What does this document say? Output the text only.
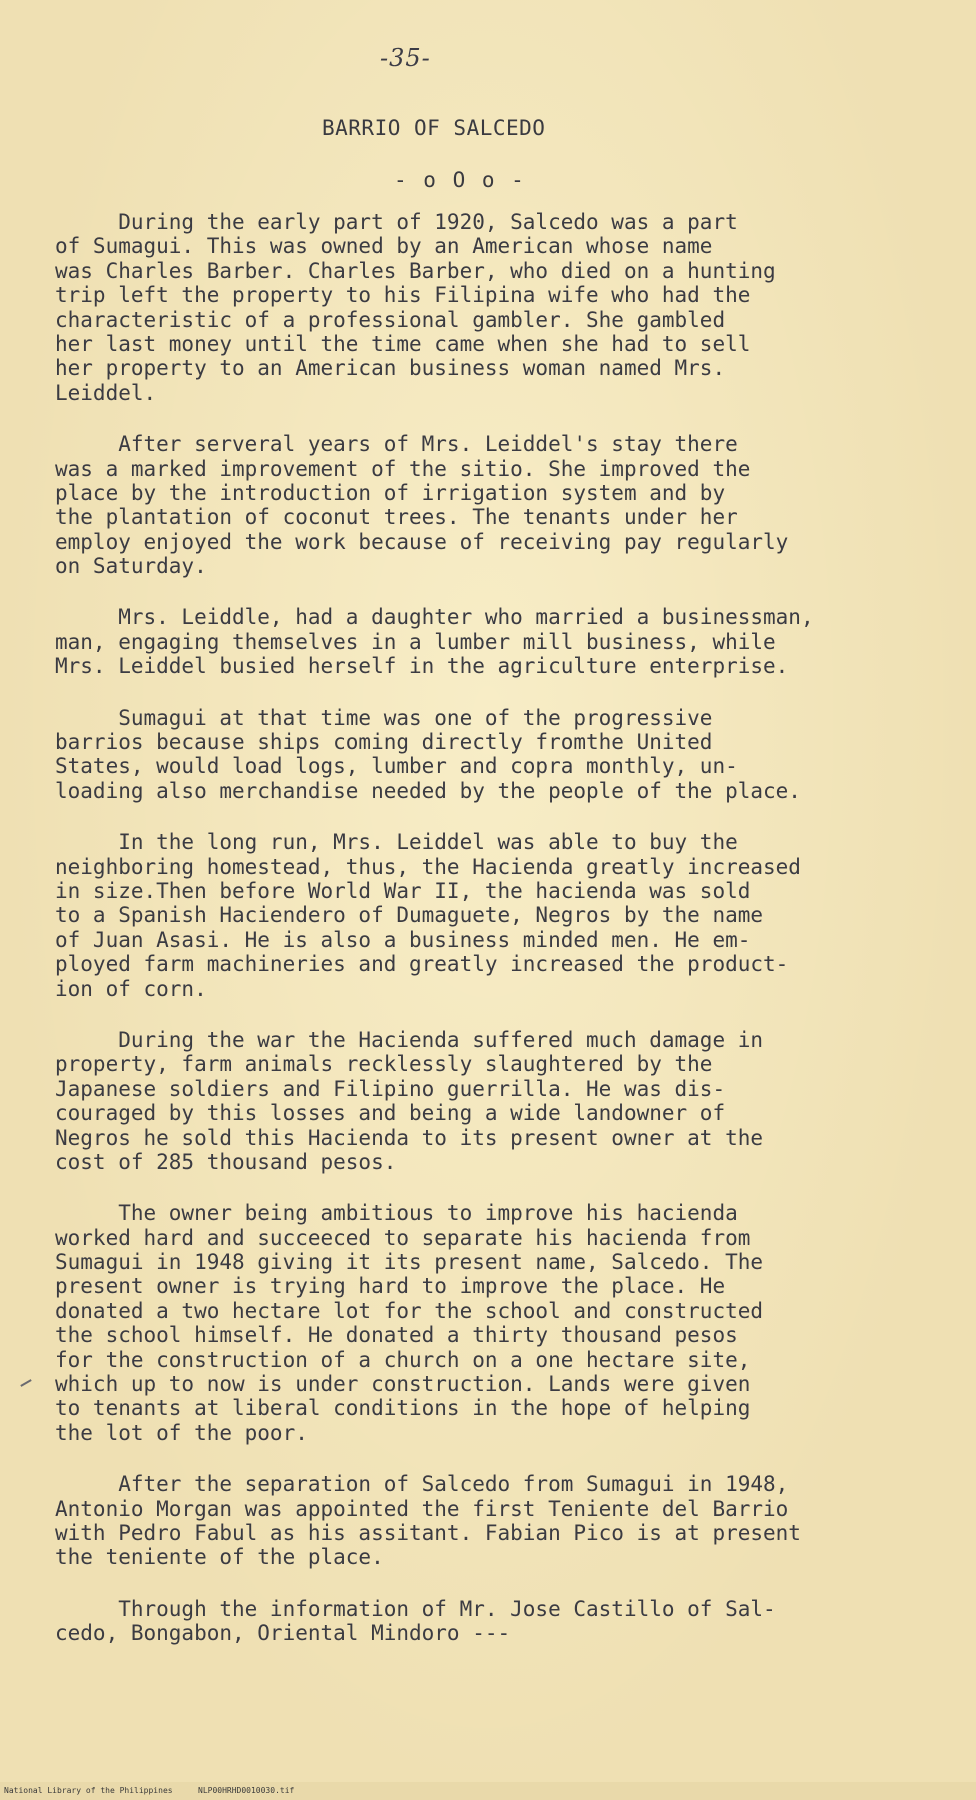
-35-
BARRIO OF SALCEDO
- o O o -
During the early part of 1920, Salcedo was a part
of Sumagui. This was owned by an American whose name
was Charles Barber. Charles Barber, who died on a hunting
trip left the property to his Filipina wife who had the
characteristic of a professional gambler. She gambled
her last money until the time came when she had to sell
her property to an American business woman named Mrs.
Leiddel.
After serveral years of Mrs. Leiddel's stay there
was a marked improvement of the sitio. She improved the
place by the introduction of irrigation system and by
the plantation of coconut trees. The tenants under her
employ enjoyed the work because of receiving pay regularly
on Saturday.
Mrs. Leiddle, had a daughter who married a businessman,
man, engaging themselves in a lumber mill business, while
Mrs. Leiddel busied herself in the agriculture enterprise.
Sumagui at that time was one of the progressive
barrios because ships coming directly fromthe United
States, would load logs, lumber and copra monthly, un-
loading also merchandise needed by the people of the place.
In the long run, Mrs. Leiddel was able to buy the
neighboring homestead, thus, the Hacienda greatly increased
in size.Then before World War II, the hacienda was sold
to a Spanish Haciendero of Dumaguete, Negros by the name
of Juan Asasi. He is also a business minded men. He em-
ployed farm machineries and greatly increased the product-
ion of corn.
During the war the Hacienda suffered much damage in
property, farm animals recklessly slaughtered by the
Japanese soldiers and Filipino guerrilla. He was dis-
couraged by this losses and being a wide landowner of
Negros he sold this Hacienda to its present owner at the
cost of 285 thousand pesos.
The owner being ambitious to improve his hacienda
worked hard and succeeced to separate his hacienda from
Sumagui in 1948 giving it its present name, Salcedo. The
present owner is trying hard to improve the place. He
donated a two hectare lot for the school and constructed
the school himself. He donated a thirty thousand pesos
for the construction of a church on a one hectare site,
which up to now is under construction. Lands were given
to tenants at liberal conditions in the hope of helping
the lot of the poor.
After the separation of Salcedo from Sumagui in 1948,
Antonio Morgan was appointed the first Teniente del Barrio
with Pedro Fabul as his assitant. Fabian Pico is at present
the teniente of the place.
Through the information of Mr. Jose Castillo of Sal-
cedo, Bongabon, Oriental Mindoro ---
National Library of the Philippines	NLP00HRHD0010030.tif
